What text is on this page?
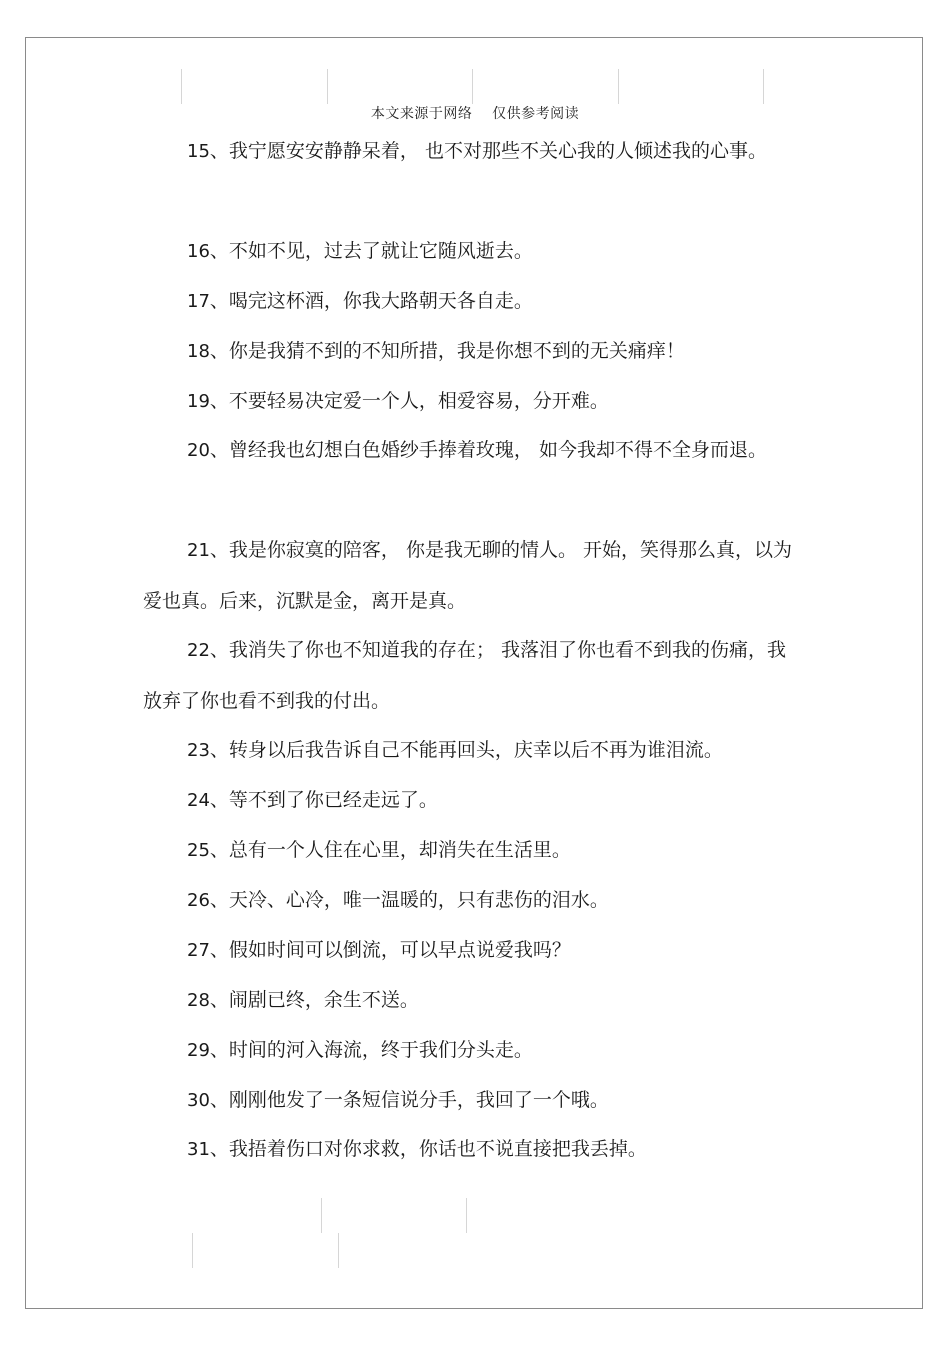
本文来源于网络    仅供参考阅读
15、我宁愿安安静静呆着， 也不对那些不关心我的人倾述我的心事。
16、不如不见，过去了就让它随风逝去。
17、喝完这杯酒，你我大路朝天各自走。
18、你是我猜不到的不知所措，我是你想不到的无关痛痒！
19、不要轻易决定爱一个人，相爱容易，分开难。
20、曾经我也幻想白色婚纱手捧着玫瑰， 如今我却不得不全身而退。
21、我是你寂寞的陪客， 你是我无聊的情人。 开始，笑得那么真，以为爱也真。后来，沉默是金，离开是真。
22、我消失了你也不知道我的存在； 我落泪了你也看不到我的伤痛，我放弃了你也看不到我的付出。
23、转身以后我告诉自己不能再回头，庆幸以后不再为谁泪流。
24、等不到了你已经走远了。
25、总有一个人住在心里，却消失在生活里。
26、天冷、心冷，唯一温暖的，只有悲伤的泪水。
27、假如时间可以倒流，可以早点说爱我吗？
28、闹剧已终，余生不送。
29、时间的河入海流，终于我们分头走。
30、刚刚他发了一条短信说分手，我回了一个哦。
31、我捂着伤口对你求救，你话也不说直接把我丢掉。
